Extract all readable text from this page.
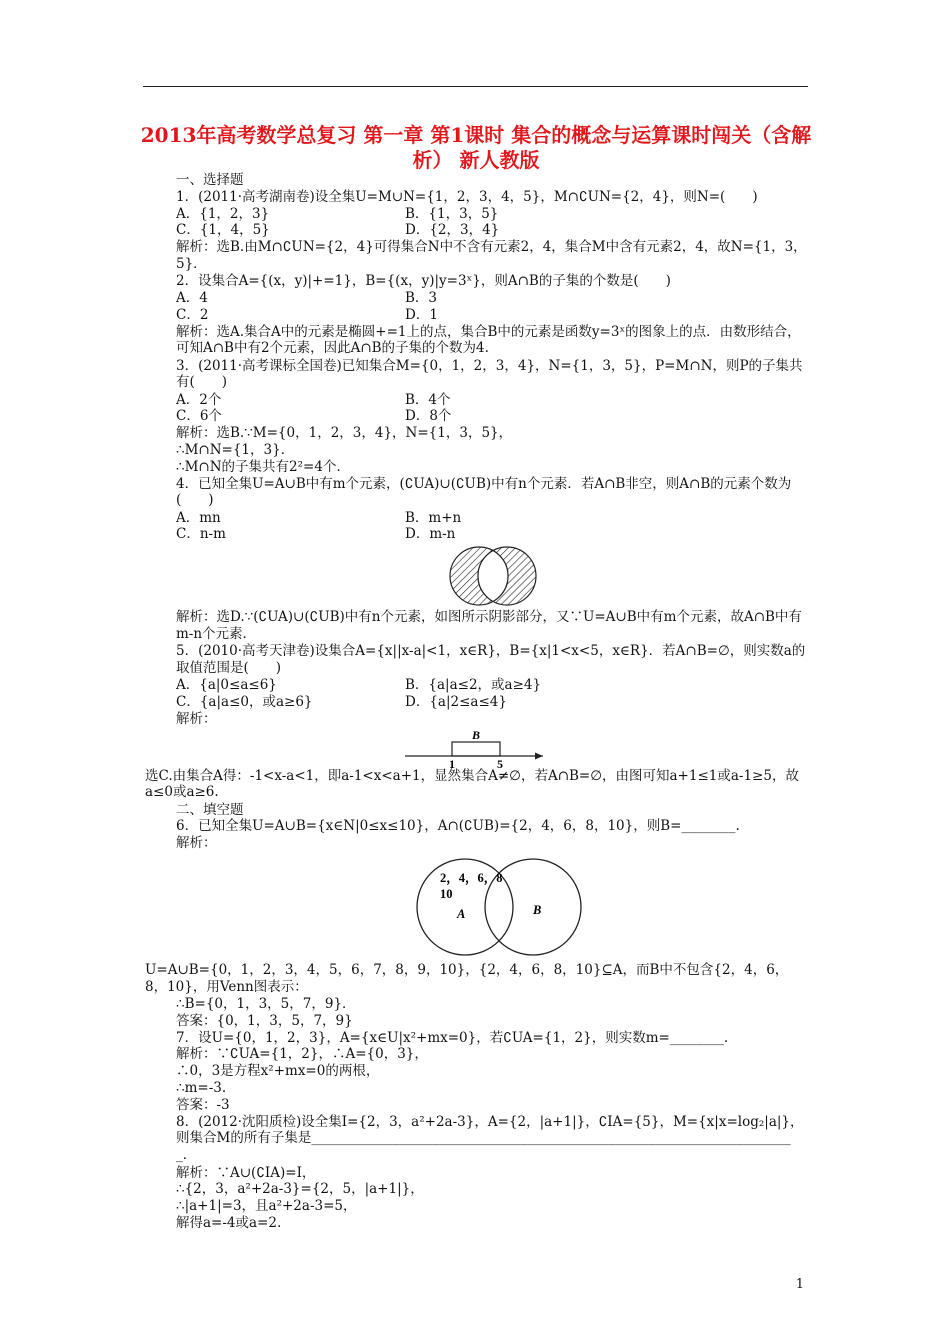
2013年高考数学总复习 第一章 第1课时 集合的概念与运算课时闯关（含解析） 新人教版
一、选择题
1．(2011·高考湖南卷)设全集U=M∪N={1，2，3，4，5}，M∩∁UN={2，4}，则N=(　　)
A．{1，2，3}	B．{1，3，5}
C．{1，4，5}	D．{2，3，4}
解析：选B.由M∩∁UN={2，4}可得集合N中不含有元素2，4，集合M中含有元素2，4，故N={1，3，5}．
2．设集合A={(x，y)|+=1}，B={(x，y)|y=3ˣ}，则A∩B的子集的个数是(　　)
A．4	B．3
C．2	D．1
解析：选A.集合A中的元素是椭圆+=1上的点，集合B中的元素是函数y=3ˣ的图象上的点．由数形结合，可知A∩B中有2个元素，因此A∩B的子集的个数为4.
3．(2011·高考课标全国卷)已知集合M={0，1，2，3，4}，N={1，3，5}，P=M∩N，则P的子集共有(　　)
A．2个	B．4个
C．6个	D．8个
解析：选B.∵M={0，1，2，3，4}，N={1，3，5}，
∴M∩N={1，3}．
∴M∩N的子集共有2²=4个．
4．已知全集U=A∪B中有m个元素，(∁UA)∪(∁UB)中有n个元素．若A∩B非空，则A∩B的元素个数为(　　)
A．mn	B．m+n
C．n-m	D．m-n
解析：选D.∵(∁UA)∪(∁UB)中有n个元素，如图所示阴影部分，又∵U=A∪B中有m个元素，故A∩B中有m-n个元素．
5．(2010·高考天津卷)设集合A={x||x-a|<1，x∈R}，B={x|1<x<5，x∈R}．若A∩B=∅，则实数a的取值范围是(　　)
A．{a|0≤a≤6}	B．{a|a≤2，或a≥4}
C．{a|a≤0，或a≥6}	D．{a|2≤a≤4}
解析：
B
1	5
选C.由集合A得：-1<x-a<1，即a-1<x<a+1，显然集合A≠∅，若A∩B=∅，由图可知a+1≤1或a-1≥5，故a≤0或a≥6.
二、填空题
6．已知全集U=A∪B={x∈N|0≤x≤10}，A∩(∁UB)={2，4，6，8，10}，则B=________.
解析：
2，4，6，8
10
A	B
U=A∪B={0，1，2，3，4，5，6，7，8，9，10}，{2，4，6，8，10}⊆A，而B中不包含{2，4，6，8，10}，用Venn图表示：
∴B={0，1，3，5，7，9}．
答案：{0，1，3，5，7，9}
7．设U={0，1，2，3}，A={x∈U|x²+mx=0}，若∁UA={1，2}，则实数m=________.
解析：∵∁UA={1，2}，∴A={0，3}，
∴0，3是方程x²+mx=0的两根，
∴m=-3.
答案：-3
8．(2012·沈阳质检)设全集I={2，3，a²+2a-3}，A={2，|a+1|}，∁IA={5}，M={x|x=log₂|a|}，则集合M的所有子集是________________________________________________________________________．
解析：∵A∪(∁IA)=I，
∴{2，3，a²+2a-3}={2，5，|a+1|}，
∴|a+1|=3，且a²+2a-3=5，
解得a=-4或a=2.
1
